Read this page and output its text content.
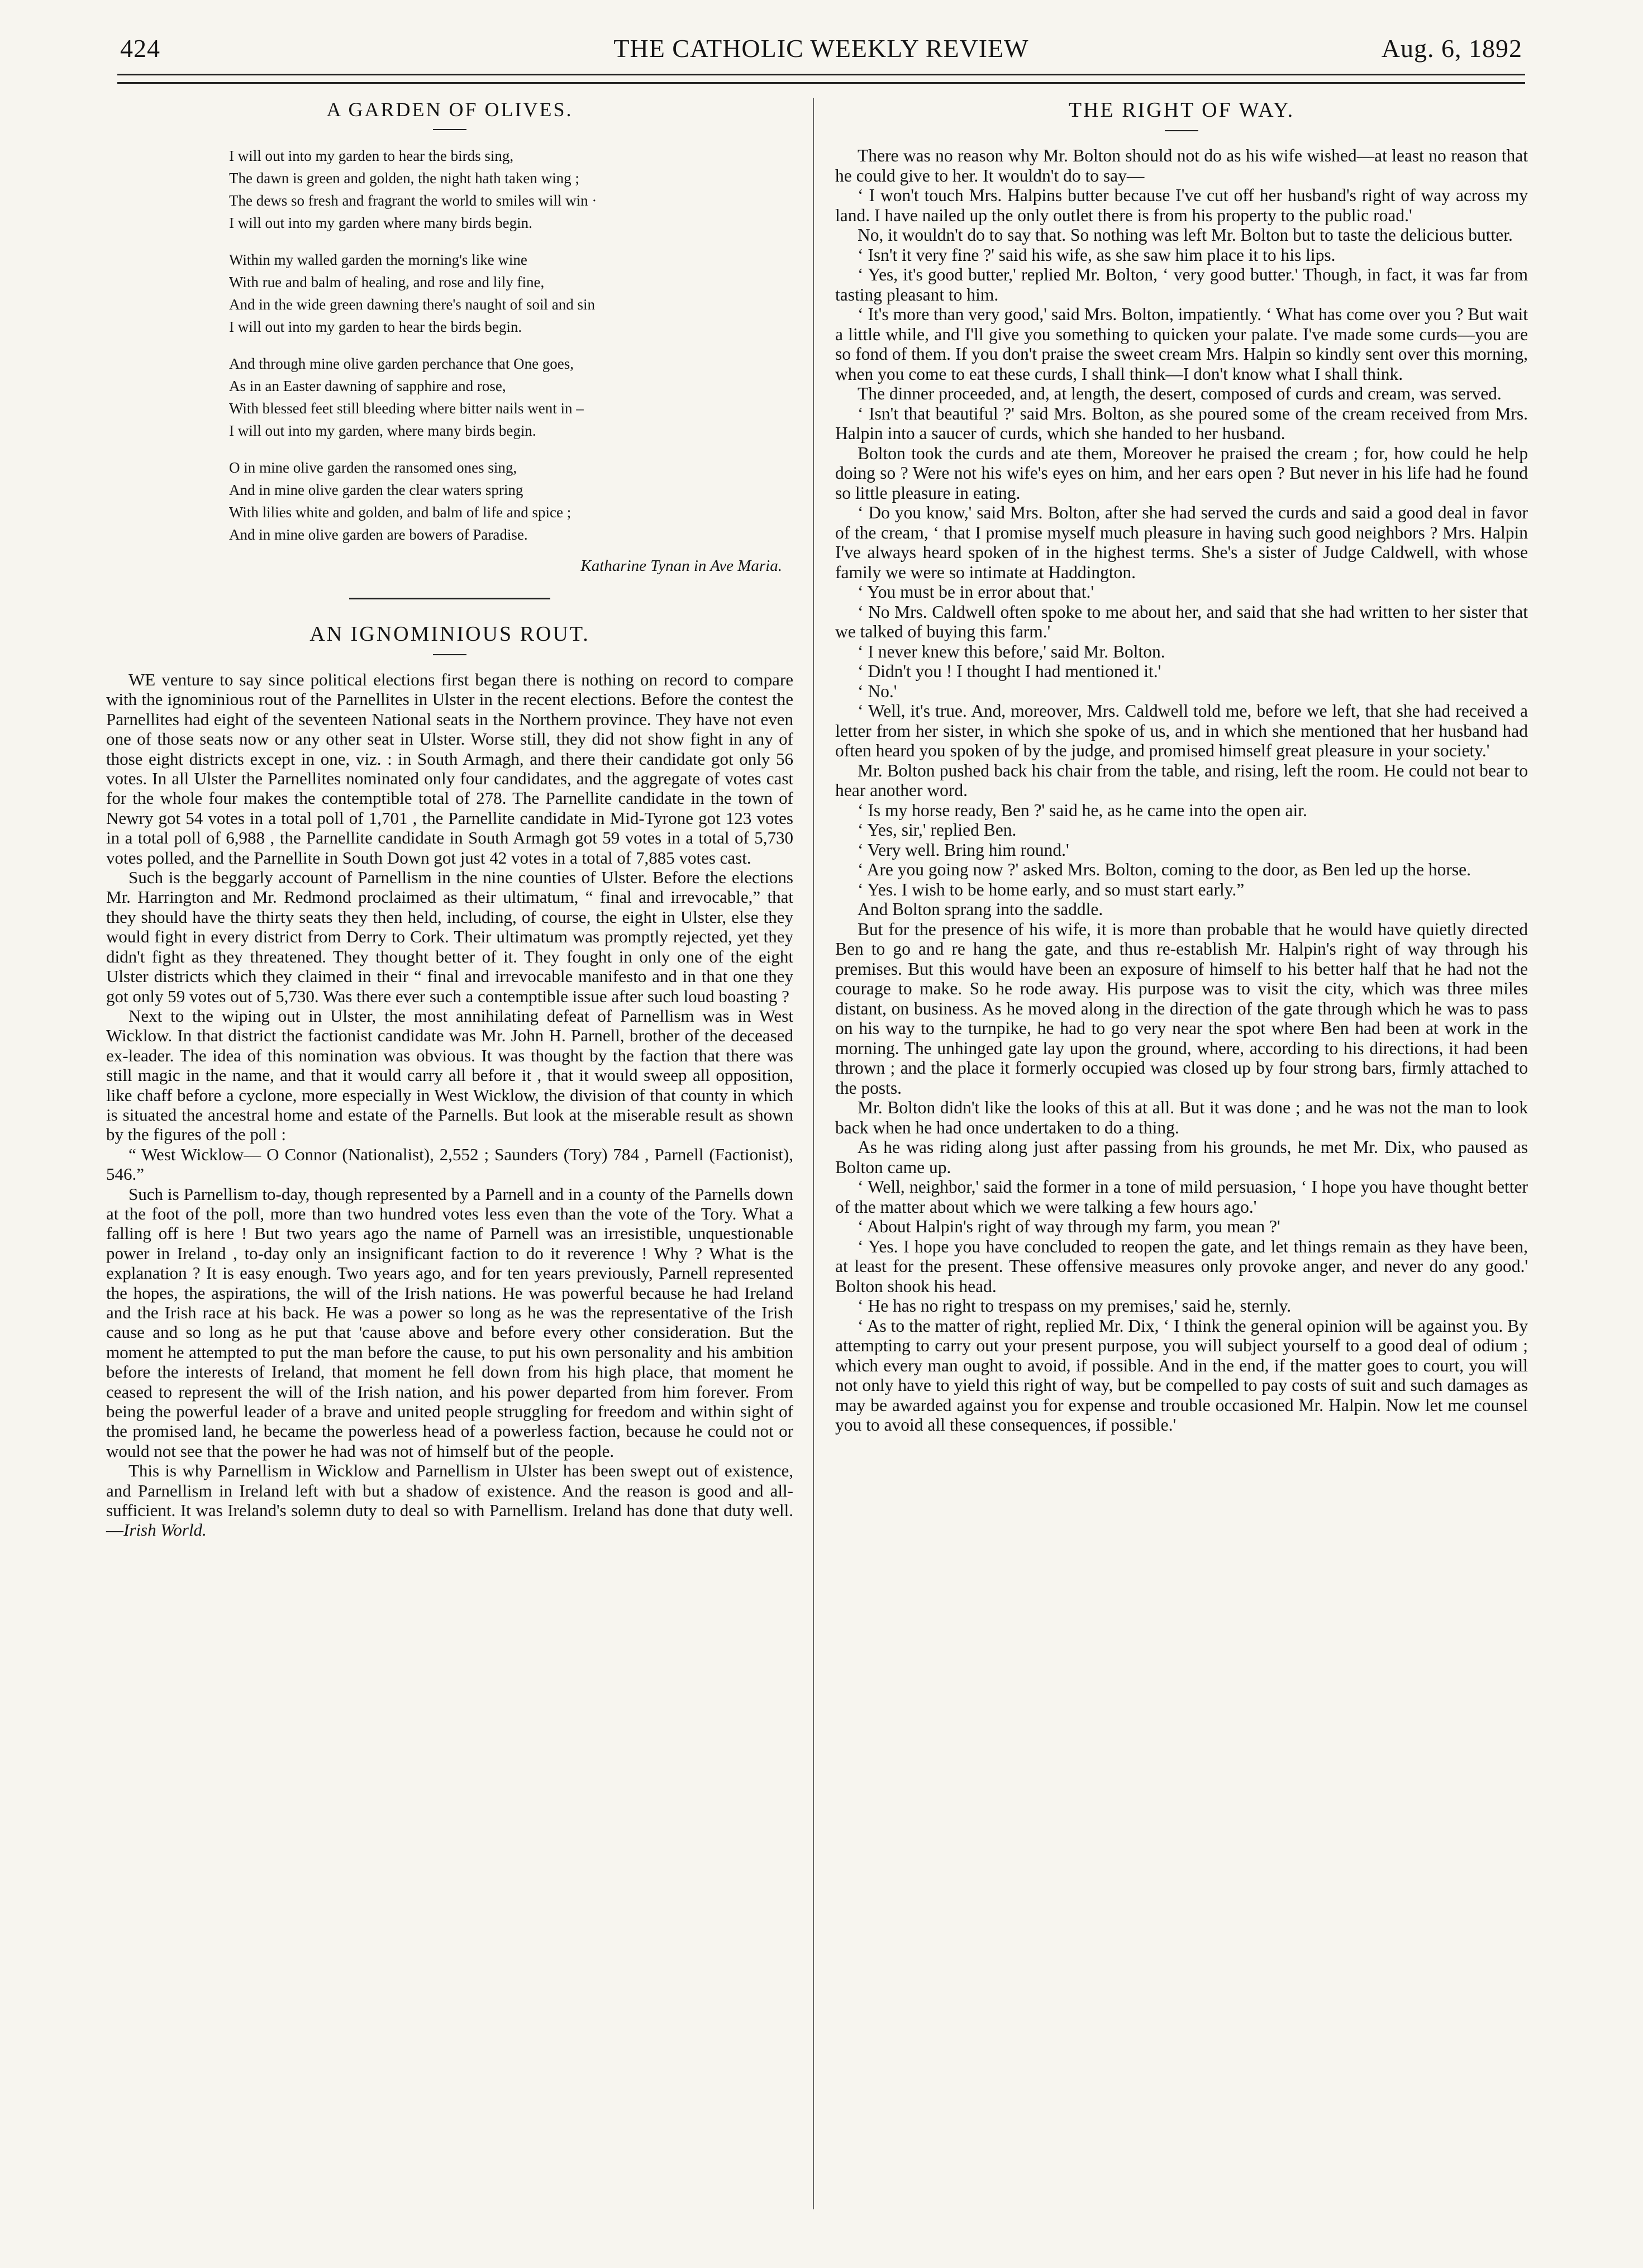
424	THE CATHOLIC WEEKLY REVIEW	Aug. 6, 1892
A GARDEN OF OLIVES.
I will out into my garden to hear the birds sing,
The dawn is green and golden, the night hath taken wing ;
The dews so fresh and fragrant the world to smiles will win ·
I will out into my garden where many birds begin.
Within my walled garden the morning's like wine
With rue and balm of healing, and rose and lily fine,
And in the wide green dawning there's naught of soil and sin
I will out into my garden to hear the birds begin.
And through mine olive garden perchance that One goes,
As in an Easter dawning of sapphire and rose,
With blessed feet still bleeding where bitter nails went in –
I will out into my garden, where many birds begin.
O in mine olive garden the ransomed ones sing,
And in mine olive garden the clear waters spring
With lilies white and golden, and balm of life and spice ;
And in mine olive garden are bowers of Paradise.
Katharine Tynan in Ave Maria.
AN IGNOMINIOUS ROUT.

WE venture to say since political elections first began there is nothing on record to compare with the ignominious rout of the Parnellites in Ulster in the recent elections. Before the contest the Parnellites had eight of the seventeen National seats in the Northern province. They have not even one of those seats now or any other seat in Ulster. Worse still, they did not show fight in any of those eight districts except in one, viz. : in South Armagh, and there their candidate got only 56 votes. In all Ulster the Parnellites nominated only four candidates, and the aggregate of votes cast for the whole four makes the contemptible total of 278. The Parnellite candidate in the town of Newry got 54 votes in a total poll of 1,701 , the Parnellite candidate in Mid-Tyrone got 123 votes in a total poll of 6,988 , the Parnellite candidate in South Armagh got 59 votes in a total of 5,730 votes polled, and the Parnellite in South Down got just 42 votes in a total of 7,885 votes cast.

Such is the beggarly account of Parnellism in the nine counties of Ulster. Before the elections Mr. Harrington and Mr. Redmond proclaimed as their ultimatum, “ final and irrevocable,” that they should have the thirty seats they then held, including, of course, the eight in Ulster, else they would fight in every district from Derry to Cork. Their ultimatum was promptly rejected, yet they didn't fight as they threatened. They thought better of it. They fought in only one of the eight Ulster districts which they claimed in their “ final and irrevocable manifesto and in that one they got only 59 votes out of 5,730. Was there ever such a contemptible issue after such loud boasting ?

Next to the wiping out in Ulster, the most annihilating defeat of Parnellism was in West Wicklow. In that district the factionist candidate was Mr. John H. Parnell, brother of the deceased ex-leader. The idea of this nomination was obvious. It was thought by the faction that there was still magic in the name, and that it would carry all before it , that it would sweep all opposition, like chaff before a cyclone, more especially in West Wicklow, the division of that county in which is situated the ancestral home and estate of the Parnells. But look at the miserable result as shown by the figures of the poll :

“ West Wicklow— O Connor (Nationalist), 2,552 ; Saunders (Tory) 784 , Parnell (Factionist), 546.”

Such is Parnellism to-day, though represented by a Parnell and in a county of the Parnells down at the foot of the poll, more than two hundred votes less even than the vote of the Tory. What a falling off is here ! But two years ago the name of Parnell was an irresistible, unquestionable power in Ireland , to-day only an insignificant faction to do it reverence ! Why ? What is the explanation ? It is easy enough. Two years ago, and for ten years previously, Parnell represented the hopes, the aspirations, the will of the Irish nations. He was powerful because he had Ireland and the Irish race at his back. He was a power so long as he was the representative of the Irish cause and so long as he put that 'cause above and before every other consideration. But the moment he attempted to put the man before the cause, to put his own personality and his ambition before the interests of Ireland, that moment he fell down from his high place, that moment he ceased to represent the will of the Irish nation, and his power departed from him forever. From being the powerful leader of a brave and united people struggling for freedom and within sight of the promised land, he became the powerless head of a powerless faction, because he could not or would not see that the power he had was not of himself but of the people.

This is why Parnellism in Wicklow and Parnellism in Ulster has been swept out of existence, and Parnellism in Ireland left with but a shadow of existence. And the reason is good and all-sufficient. It was Ireland's solemn duty to deal so with Parnellism. Ireland has done that duty well.—Irish World.

THE RIGHT OF WAY.

There was no reason why Mr. Bolton should not do as his wife wished—at least no reason that he could give to her. It wouldn't do to say—

‘ I won't touch Mrs. Halpins butter because I've cut off her husband's right of way across my land. I have nailed up the only outlet there is from his property to the public road.'

No, it wouldn't do to say that. So nothing was left Mr. Bolton but to taste the delicious butter.

‘ Isn't it very fine ?' said his wife, as she saw him place it to his lips.

‘ Yes, it's good butter,' replied Mr. Bolton, ‘ very good butter.' Though, in fact, it was far from tasting pleasant to him.

‘ It's more than very good,' said Mrs. Bolton, impatiently. ‘ What has come over you ? But wait a little while, and I'll give you something to quicken your palate. I've made some curds—you are so fond of them. If you don't praise the sweet cream Mrs. Halpin so kindly sent over this morning, when you come to eat these curds, I shall think—I don't know what I shall think.

The dinner proceeded, and, at length, the desert, composed of curds and cream, was served.

‘ Isn't that beautiful ?' said Mrs. Bolton, as she poured some of the cream received from Mrs. Halpin into a saucer of curds, which she handed to her husband.

Bolton took the curds and ate them, Moreover he praised the cream ; for, how could he help doing so ? Were not his wife's eyes on him, and her ears open ? But never in his life had he found so little pleasure in eating.

‘ Do you know,' said Mrs. Bolton, after she had served the curds and said a good deal in favor of the cream, ‘ that I promise myself much pleasure in having such good neighbors ? Mrs. Halpin I've always heard spoken of in the highest terms. She's a sister of Judge Caldwell, with whose family we were so intimate at Haddington.

‘ You must be in error about that.'

‘ No Mrs. Caldwell often spoke to me about her, and said that she had written to her sister that we talked of buying this farm.'

‘ I never knew this before,' said Mr. Bolton.

‘ Didn't you ! I thought I had mentioned it.'

‘ No.'

‘ Well, it's true. And, moreover, Mrs. Caldwell told me, before we left, that she had received a letter from her sister, in which she spoke of us, and in which she mentioned that her husband had often heard you spoken of by the judge, and promised himself great pleasure in your society.'

Mr. Bolton pushed back his chair from the table, and rising, left the room. He could not bear to hear another word.

‘ Is my horse ready, Ben ?' said he, as he came into the open air.

‘ Yes, sir,' replied Ben.

‘ Very well. Bring him round.'

‘ Are you going now ?' asked Mrs. Bolton, coming to the door, as Ben led up the horse.

‘ Yes. I wish to be home early, and so must start early.”

And Bolton sprang into the saddle.

But for the presence of his wife, it is more than probable that he would have quietly directed Ben to go and re hang the gate, and thus re-establish Mr. Halpin's right of way through his premises. But this would have been an exposure of himself to his better half that he had not the courage to make. So he rode away. His purpose was to visit the city, which was three miles distant, on business. As he moved along in the direction of the gate through which he was to pass on his way to the turnpike, he had to go very near the spot where Ben had been at work in the morning. The unhinged gate lay upon the ground, where, according to his directions, it had been thrown ; and the place it formerly occupied was closed up by four strong bars, firmly attached to the posts.

Mr. Bolton didn't like the looks of this at all. But it was done ; and he was not the man to look back when he had once undertaken to do a thing.

As he was riding along just after passing from his grounds, he met Mr. Dix, who paused as Bolton came up.

‘ Well, neighbor,' said the former in a tone of mild persuasion, ‘ I hope you have thought better of the matter about which we were talking a few hours ago.'

‘ About Halpin's right of way through my farm, you mean ?'

‘ Yes. I hope you have concluded to reopen the gate, and let things remain as they have been, at least for the present. These offensive measures only provoke anger, and never do any good.' Bolton shook his head.

‘ He has no right to trespass on my premises,' said he, sternly.

‘ As to the matter of right, replied Mr. Dix, ‘ I think the general opinion will be against you. By attempting to carry out your present purpose, you will subject yourself to a good deal of odium ; which every man ought to avoid, if possible. And in the end, if the matter goes to court, you will not only have to yield this right of way, but be compelled to pay costs of suit and such damages as may be awarded against you for expense and trouble occasioned Mr. Halpin. Now let me counsel you to avoid all these consequences, if possible.'
